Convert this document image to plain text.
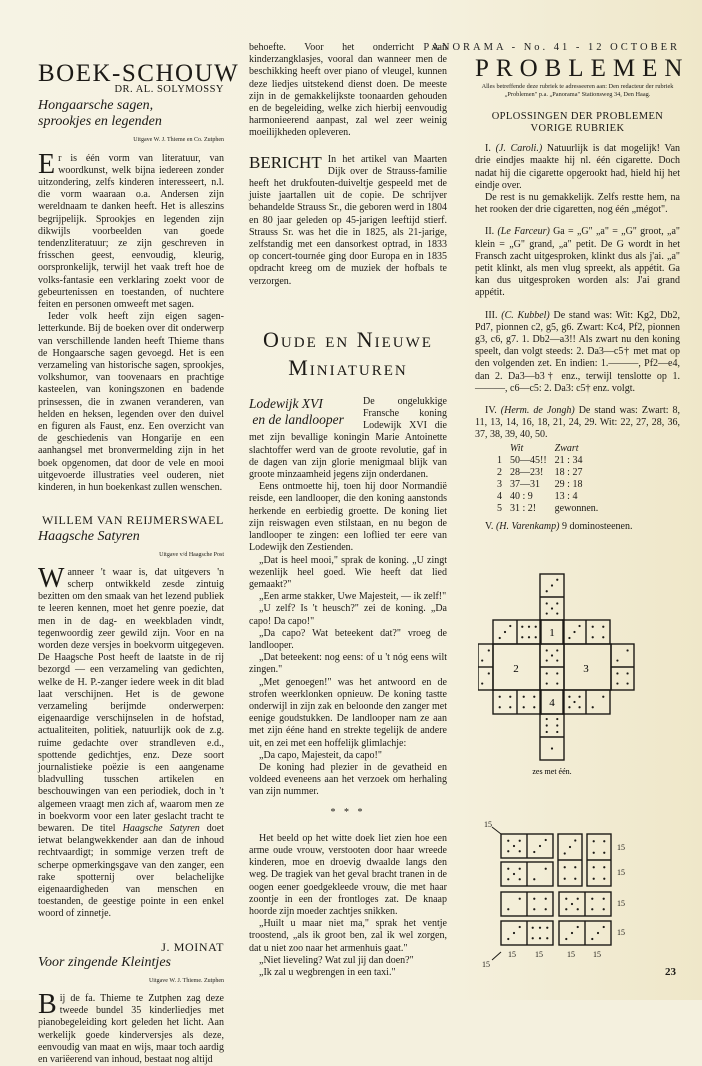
PANORAMA - No. 41 - 12 OCTOBER
BOEK-SCHOUW
DR. AL. SOLYMOSSY
Hongaarsche sagen,
sprookjes en legenden
Uitgave W. J. Thieme en Co. Zutphen

Er is één vorm van literatuur, van woordkunst, welk bijna iedereen zonder uitzondering, zelfs kinderen interesseert, n.l. die vorm waaraan o.a. Andersen zijn wereldnaam te danken heeft. Het is alleszins begrijpelijk. Sprookjes en legenden zijn dikwijls voorbeelden van goede tendenzliteratuur; ze zijn geschreven in frisschen geest, eenvoudig, kleurig, oorspronkelijk, terwijl het vaak treft hoe de volks-fantasie een verklaring zoekt voor de gebeurtenissen en toestanden, of nuchtere feiten en personen omweeft met sagen.

Ieder volk heeft zijn eigen sagen-letterkunde. Bij de boeken over dit onderwerp van verschillende landen heeft Thieme thans de Hongaarsche sagen gevoegd. Het is een verzameling van historische sagen, sprookjes, volkshumor, van toovenaars en prachtige kasteelen, van koningszonen en badende prinsessen, die in zwanen veranderen, van helden en heksen, legenden over den duivel en figuren als Faust, enz. Een overzicht van de geschiedenis van Hongarije en een aanhangsel met bronvermelding zijn in het boek opgenomen, dat door de vele en mooi uitgevoerde illustraties veel ouderen, niet kinderen, in hun boekenkast zullen wenschen.

WILLEM VAN REIJMERSWAEL
Haagsche Satyren
Uitgave v/d Haagsche Post

Wanneer 't waar is, dat uitgevers 'n scherp ontwikkeld zesde zintuig bezitten om den smaak van het lezend publiek te leeren kennen, moet het genre poezie, dat men in de dag- en weekbladen vindt, tegenwoordig zeer gewild zijn. Voor en na worden deze versjes in boekvorm uitgegeven. De Haagsche Post heeft de laatste in de rij bezorgd — een verzameling van gedichten, welke de H. P.-zanger iedere week in dit blad laat verschijnen. Het is de gewone verzameling berijmde onderwerpen: eigenaardige verschijnselen in de hofstad, actualiteiten, politiek, natuurlijk ook de z.g. ruime gedachte over strandleven e.d., spottende gedichtjes, enz. Deze soort journalistieke poëzie is een aangename bladvulling tusschen artikelen en beschouwingen van een periodiek, doch in 't algemeen vraagt men zich af, waarom men ze in boekvorm voor een later geslacht tracht te bewaren. De titel Haagsche Satyren doet ietwat belangwekkender aan dan de inhoud rechtvaardigt; in sommige verzen treft de scherpe opmerkingsgave van den zanger, een rake spotternij over belachelijke eigenaardigheden van menschen en toestanden, de geestige pointe in een enkel woord of zinnetje.

J. MOINAT
Voor zingende Kleintjes
Uitgave W. J. Thieme. Zutphen

Bij de fa. Thieme te Zutphen zag deze tweede bundel 35 kinderliedjes met pianobegeleiding kort geleden het licht. Aan werkelijk goede kinderversjes als deze, eenvoudig van maat en wijs, maar toch aardig en variëerend van inhoud, bestaat nog altijd

behoefte. Voor het onderricht van kinderzangklasjes, vooral dan wanneer men de beschikking heeft over piano of vleugel, kunnen deze liedjes uitstekend dienst doen. De meeste zijn in de gemakkelijkste toonaarden gehouden en de begeleiding, welke zich hierbij eenvoudig harmonieerend aanpast, zal wel zeer weinig moeilijkheden opleveren.

BERICHT In het artikel van Maarten Dijk over de Strauss-familie heeft het drukfouten-duiveltje gespeeld met de juiste jaartallen uit de copie. De schrijver behandelde Strauss Sr., die geboren werd in 1804 en 80 jaar geleden op 45-jarigen leeftijd stierf. Strauss Sr. was het die in 1825, als 21-jarige, zelfstandig met een dansorkest optrad, in 1833 op concert-tournée ging door Europa en in 1835 opdracht kreeg om de muziek der hofbals te verzorgen.

Oude en Nieuwe
Miniaturen

Lodewijk XVI
en de landlooper
De ongelukkige Fransche koning Lodewijk XVI die met zijn bevallige koningin Marie Antoinette slachtoffer werd van de groote revolutie, gaf in de dagen van zijn glorie menigmaal blijk van groote minzaamheid jegens zijn onderdanen.

Eens ontmoette hij, toen hij door Normandië reisde, een landlooper, die den koning aanstonds herkende en eerbiedig groette. De koning liet zijn reiswagen even stilstaan, en nu begon de landlooper te zingen: een loflied ter eere van Lodewijk den Zestienden.

„Dat is heel mooi," sprak de koning. „U zingt wezenlijk heel goed. Wie heeft dat lied gemaakt?"

„Een arme stakker, Uwe Majesteit, — ik zelf!"

„U zelf? Is 't heusch?" zei de koning. „Da capo! Da capo!"

„Da capo? Wat beteekent dat?" vroeg de landlooper.

„Dat beteekent: nog eens: of u 't nóg eens wilt zingen."

„Met genoegen!" was het antwoord en de strofen weerklonken opnieuw. De koning tastte onderwijl in zijn zak en beloonde den zanger met eenige goudstukken. De landlooper nam ze aan met zijn ééne hand en strekte tegelijk de andere uit, en zei met een hoffelijk glimlachje:

„Da capo, Majesteit, da capo!"

De koning had plezier in de gevatheid en voldeed eveneens aan het verzoek om herhaling van zijn nummer.

* * *

Het beeld op het witte doek liet zien hoe een arme oude vrouw, verstooten door haar wreede kinderen, moe en droevig dwaalde langs den weg. De tragiek van het geval bracht tranen in de oogen eener goedgekleede vrouw, die met haar zoontje in een der frontloges zat. De knaap hoorde zijn moeder zachtjes snikken.

„Huilt u maar niet ma," sprak het ventje troostend, „als ik groot ben, zal ik wel zorgen, dat u niet zoo naar het armenhuis gaat."

„Niet lieveling? Wat zul jij dan doen?"

„Ik zal u wegbrengen in een taxi."

PROBLEMEN
Alles betreffende deze rubriek te adresseeren aan: Den redacteur der rubriek „Problemen" p.a. „Panorama" Stationsweg 34, Den Haag.
OPLOSSINGEN DER PROBLEMEN
VORIGE RUBRIEK

I. (J. Caroli.) Natuurlijk is dat mogelijk! Van drie eindjes maakte hij nl. één cigarette. Doch nadat hij die cigarette opgerookt had, hield hij het eindje over.

De rest is nu gemakkelijk. Zelfs restte hem, na het rooken der drie cigaretten, nog één „mégot".

II. (Le Farceur) Ga = „G" „a" = „G" groot, „a" klein = „G" grand, „a" petit. De G wordt in het Fransch zacht uitgesproken, klinkt dus als j'ai. „a" petit klinkt, als men vlug spreekt, als appétit. Ga kan dus uitgesproken worden als: J'ai grand appétit.

III. (C. Kubbel) De stand was: Wit: Kg2, Db2, Pd7, pionnen c2, g5, g6. Zwart: Kc4, Pf2, pionnen g3, c6, g7. 1. Db2—a3!! Als zwart nu den koning speelt, dan volgt steeds: 2. Da3—c5† met mat op den volgenden zet. En indien: 1.———, Pf2—e4, dan 2. Da3—b3† enz., terwijl tenslotte op 1.———, c6—c5: 2. Da3: c5† enz. volgt.

IV. (Herm. de Jongh) De stand was: Zwart: 8, 11, 13, 14, 16, 18, 21, 24, 29. Wit: 22, 27, 28, 36, 37, 38, 39, 40, 50.

	Wit	Zwart
1	50—45!!	21 : 34
2	28—23!	18 : 27
3	37—31	29 : 18
4	40 : 9	13 : 4
5	31 : 2!	gewonnen.

V. (H. Varenkamp) 9 dominosteenen.

1
2	3
4
zes met één.
15
15
15
15
15
15 15	15 15
15
23
